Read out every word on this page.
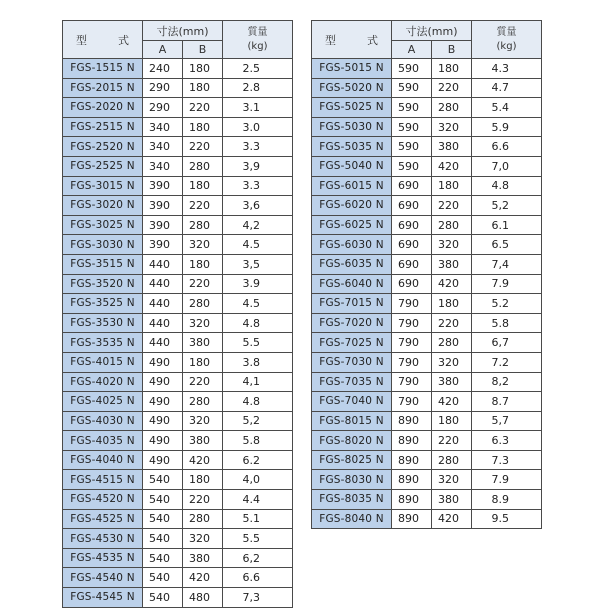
型　式	寸法(mm)		質量
(kg)

	A	B	
FGS-1515 N	240	180	2.5
FGS-2015 N	290	180	2.8
FGS-2020 N	290	220	3.1
FGS-2515 N	340	180	3.0
FGS-2520 N	340	220	3.3
FGS-2525 N	340	280	3,9
FGS-3015 N	390	180	3.3
FGS-3020 N	390	220	3,6
FGS-3025 N	390	280	4,2
FGS-3030 N	390	320	4.5
FGS-3515 N	440	180	3,5
FGS-3520 N	440	220	3.9
FGS-3525 N	440	280	4.5
FGS-3530 N	440	320	4.8
FGS-3535 N	440	380	5.5
FGS-4015 N	490	180	3.8
FGS-4020 N	490	220	4,1
FGS-4025 N	490	280	4.8
FGS-4030 N	490	320	5,2
FGS-4035 N	490	380	5.8
FGS-4040 N	490	420	6.2
FGS-4515 N	540	180	4,0
FGS-4520 N	540	220	4.4
FGS-4525 N	540	280	5.1
FGS-4530 N	540	320	5.5
FGS-4535 N	540	380	6,2
FGS-4540 N	540	420	6.6
FGS-4545 N	540	480	7,3
型　式	寸法(mm)		質量
(kg)

	A	B	
FGS-5015 N	590	180	4.3
FGS-5020 N	590	220	4.7
FGS-5025 N	590	280	5.4
FGS-5030 N	590	320	5.9
FGS-5035 N	590	380	6.6
FGS-5040 N	590	420	7,0
FGS-6015 N	690	180	4.8
FGS-6020 N	690	220	5,2
FGS-6025 N	690	280	6.1
FGS-6030 N	690	320	6.5
FGS-6035 N	690	380	7,4
FGS-6040 N	690	420	7.9
FGS-7015 N	790	180	5.2
FGS-7020 N	790	220	5.8
FGS-7025 N	790	280	6,7
FGS-7030 N	790	320	7.2
FGS-7035 N	790	380	8,2
FGS-7040 N	790	420	8.7
FGS-8015 N	890	180	5,7
FGS-8020 N	890	220	6.3
FGS-8025 N	890	280	7.3
FGS-8030 N	890	320	7.9
FGS-8035 N	890	380	8.9
FGS-8040 N	890	420	9.5
